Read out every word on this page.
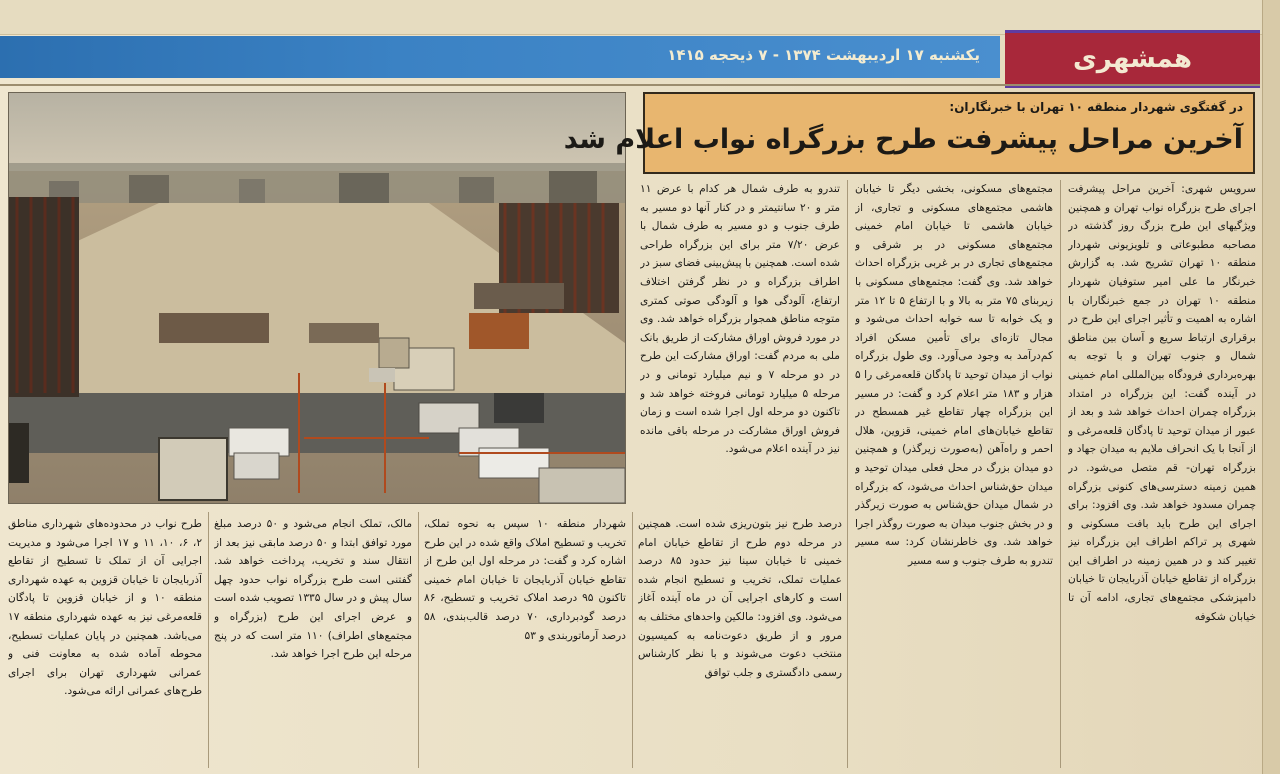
یکشنبه ۱۷ اردیبهشت ۱۳۷۴ - ۷ ذیحجه ۱۴۱۵	همشهری
در گفتگوی شهردار منطقه ۱۰ تهران با خبرنگاران:
آخرین مراحل پیشرفت طرح بزرگراه نواب اعلام شد

سرویس شهری: آخرین مراحل پیشرفت اجرای طرح بزرگراه نواب تهران و همچنین ویژگیهای این طرح بزرگ روز گذشته در مصاحبه مطبوعاتی و تلویزیونی شهردار منطقه ۱۰ تهران تشریح شد. به گزارش خبرنگار ما علی امیر ستوفیان شهردار منطقه ۱۰ تهران در جمع خبرنگاران با اشاره به اهمیت و تأثیر اجرای این طرح در برقراری ارتباط سریع و آسان بین مناطق شمال و جنوب تهران و با توجه به بهره‌برداری فرودگاه بین‌المللی امام خمینی در آینده گفت: این بزرگراه در امتداد بزرگراه چمران احداث خواهد شد و بعد از عبور از میدان توحید تا پادگان قلعه‌مرغی و از آنجا با یک انحراف ملایم به میدان جهاد و بزرگراه تهران- قم متصل می‌شود. در همین زمینه دسترسی‌های کنونی بزرگراه چمران مسدود خواهد شد. وی افزود: برای اجرای این طرح باید بافت مسکونی و شهری پر تراکم اطراف این بزرگراه نیز تغییر کند و در همین زمینه در اطراف این بزرگراه از تقاطع خیابان آذربایجان تا خیابان دامپزشکی مجتمع‌های تجاری، ادامه آن تا خیابان شکوفه

مجتمع‌های مسکونی، بخشی دیگر تا خیابان هاشمی مجتمع‌های مسکونی و تجاری، از خیابان هاشمی تا خیابان امام خمینی مجتمع‌های مسکونی در بر شرقی و مجتمع‌های تجاری در بر غربی بزرگراه احداث خواهد شد. وی گفت: مجتمع‌های مسکونی با زیربنای ۷۵ متر به بالا و با ارتفاع ۵ تا ۱۲ متر و یک خوابه تا سه خوابه احداث می‌شود و مجال تازه‌ای برای تأمین مسکن افراد کم‌درآمد به وجود می‌آورد. وی طول بزرگراه نواب از میدان توحید تا پادگان قلعه‌مرغی را ۵ هزار و ۱۸۳ متر اعلام کرد و گفت: در مسیر این بزرگراه چهار تقاطع غیر همسطح در تقاطع خیابان‌های امام خمینی، قزوین، هلال احمر و راه‌آهن (به‌صورت زیرگذر) و همچنین دو میدان بزرگ در محل فعلی میدان توحید و میدان حق‌شناس احداث می‌شود، که بزرگراه در شمال میدان حق‌شناس به صورت زیرگذر و در بخش جنوب میدان به صورت روگذر اجرا خواهد شد. وی خاطرنشان کرد: سه مسیر تندرو به طرف جنوب و سه مسیر

تندرو به طرف شمال هر کدام با عرض ۱۱ متر و ۲۰ سانتیمتر و در کنار آنها دو مسیر به طرف جنوب و دو مسیر به طرف شمال با عرض ۷/۲۰ متر برای این بزرگراه طراحی شده است. همچنین با پیش‌بینی فضای سبز در اطراف بزرگراه و در نظر گرفتن اختلاف ارتفاع، آلودگی هوا و آلودگی صوتی کمتری متوجه مناطق همجوار بزرگراه خواهد شد. وی در مورد فروش اوراق مشارکت از طریق بانک ملی به مردم گفت: اوراق مشارکت این طرح در دو مرحله ۷ و نیم میلیارد تومانی و در مرحله ۵ میلیارد تومانی فروخته خواهد شد و تاکنون دو مرحله اول اجرا شده است و زمان فروش اوراق مشارکت در مرحله باقی مانده نیز در آینده اعلام می‌شود.

درصد طرح نیز بتون‌ریزی شده است. همچنین در مرحله دوم طرح از تقاطع خیابان امام خمینی تا خیابان سینا نیز حدود ۸۵ درصد عملیات تملک، تخریب و تسطیح انجام شده است و کارهای اجرایی آن در ماه آینده آغاز می‌شود. وی افزود: مالکین واحدهای مختلف به مرور و از طریق دعوت‌نامه به کمیسیون منتخب دعوت می‌شوند و با نظر کارشناس رسمی دادگستری و جلب توافق

شهردار منطقه ۱۰ سپس به نحوه تملک، تخریب و تسطیح املاک واقع شده در این طرح اشاره کرد و گفت: در مرحله اول این طرح از تقاطع خیابان آذربایجان تا خیابان امام خمینی تاکنون ۹۵ درصد املاک تخریب و تسطیح، ۸۶ درصد گودبرداری، ۷۰ درصد قالب‌بندی، ۵۸ درصد آرماتوربندی و ۵۳

مالک، تملک انجام می‌شود و ۵۰ درصد مبلغ مورد توافق ابتدا و ۵۰ درصد مابقی نیز بعد از انتقال سند و تخریب، پرداخت خواهد شد. گفتنی است طرح بزرگراه نواب حدود چهل سال پیش و در سال ۱۳۳۵ تصویب شده است و عرض اجرای این طرح (بزرگراه و مجتمع‌های اطراف) ۱۱۰ متر است که در پنج مرحله این طرح اجرا خواهد شد.

طرح نواب در محدوده‌های شهرداری مناطق ۲، ۶، ۱۰، ۱۱ و ۱۷ اجرا می‌شود و مدیریت اجرایی آن از تملک تا تسطیح از تقاطع آذربایجان تا خیابان قزوین به عهده شهرداری منطقه ۱۰ و از خیابان قزوین تا پادگان قلعه‌مرغی نیز به عهده شهرداری منطقه ۱۷ می‌باشد. همچنین در پایان عملیات تسطیح، محوطه آماده شده به معاونت فنی و عمرانی شهرداری تهران برای اجرای طرح‌های عمرانی ارائه می‌شود.
